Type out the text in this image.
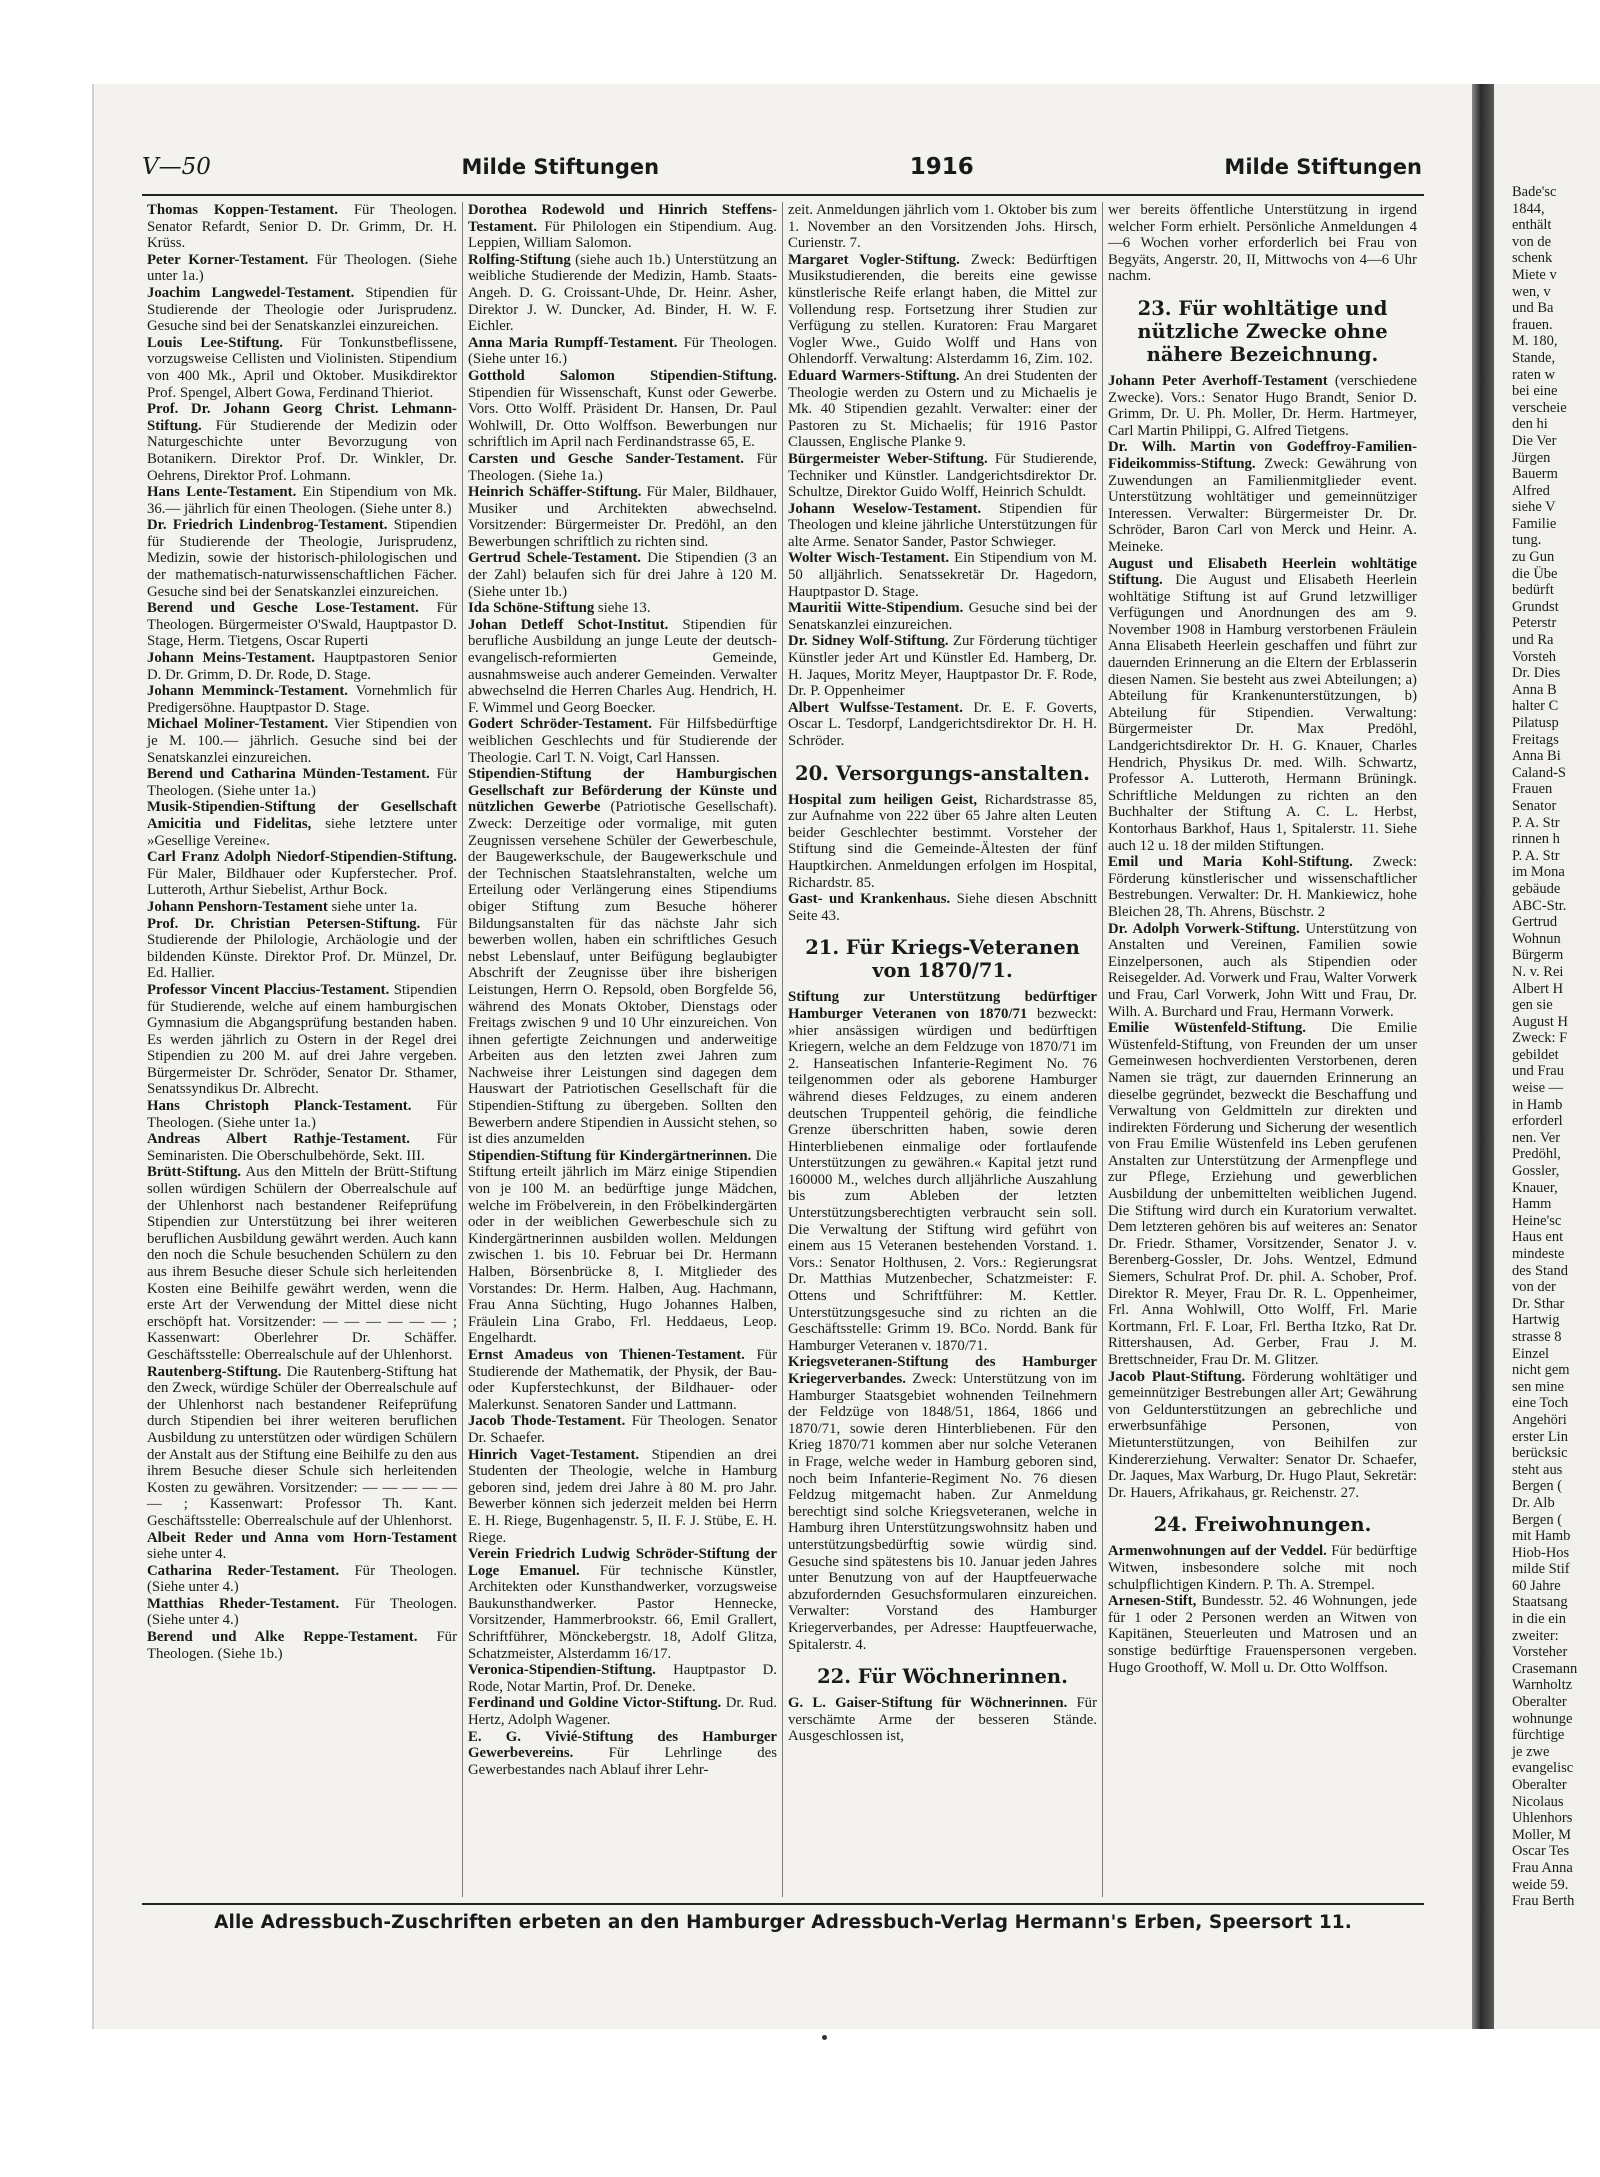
Bade'sc
1844,
enthält
von de
schenk
Miete v
wen, v
und Ba
frauen.
M. 180,
Stande,
raten w
bei eine
verscheie
den hi
Die Ver
Jürgen
Bauerm
Alfred
siehe V
Familie
tung.
zu Gun
die Übe
bedürft
Grundst
Peterstr
und Ra
Vorsteh
Dr. Dies
Anna B
halter C
Pilatusp
Freitags
Anna Bi
Caland-S
Frauen
Senator
P. A. Str
rinnen h
P. A. Str
im Mona
gebäude
ABC-Str.
Gertrud
Wohnun
Bürgerm
N. v. Rei
Albert H
gen sie
August H
Zweck: F
gebildet
und Frau
weise —
in Hamb
erforderl
nen. Ver
Predöhl,
Gossler,
Knauer,
Hamm
Heine'sc
Haus ent
mindeste
des Stand
von der
Dr. Sthar
Hartwig
strasse 8
Einzel
nicht gem
sen mine
eine Toch
Angehöri
erster Lin
berücksic
steht aus
Bergen (
Dr. Alb
Bergen (
mit Hamb
Hiob-Hos
milde Stif
60 Jahre
Staatsang
in die ein
zweiter:
Vorsteher
Crasemann
Warnholtz
Oberalter
wohnunge
fürchtige
je zwe
evangelisc
Oberalter
Nicolaus
Uhlenhors
Moller, M
Oscar Tes
Frau Anna
weide 59.
Frau Berth
V—50	Milde Stiftungen	1916	Milde Stiftungen

Thomas Koppen-Testament. Für Theologen. Senator Refardt, Senior D. Dr. Grimm, Dr. H. Krüss.

Peter Korner-Testament. Für Theologen. (Siehe unter 1a.)

Joachim Langwedel-Testament. Stipendien für Studierende der Theologie oder Jurisprudenz. Gesuche sind bei der Senatskanzlei einzureichen.

Louis Lee-Stiftung. Für Tonkunstbeflissene, vorzugsweise Cellisten und Violinisten. Stipendium von 400 Mk., April und Oktober. Musikdirektor Prof. Spengel, Albert Gowa, Ferdinand Thieriot.

Prof. Dr. Johann Georg Christ. Lehmann-Stiftung. Für Studierende der Medizin oder Naturgeschichte unter Bevorzugung von Botanikern. Direktor Prof. Dr. Winkler, Dr. Oehrens, Direktor Prof. Lohmann.

Hans Lente-Testament. Ein Stipendium von Mk. 36.— jährlich für einen Theologen. (Siehe unter 8.)

Dr. Friedrich Lindenbrog-Testament. Stipendien für Studierende der Theologie, Jurisprudenz, Medizin, sowie der historisch-philologischen und der mathematisch-naturwissenschaftlichen Fächer. Gesuche sind bei der Senatskanzlei einzureichen.

Berend und Gesche Lose-Testament. Für Theologen. Bürgermeister O'Swald, Hauptpastor D. Stage, Herm. Tietgens, Oscar Ruperti

Johann Meins-Testament. Hauptpastoren Senior D. Dr. Grimm, D. Dr. Rode, D. Stage.

Johann Memminck-Testament. Vornehmlich für Predigersöhne. Hauptpastor D. Stage.

Michael Moliner-Testament. Vier Stipendien von je M. 100.— jährlich. Gesuche sind bei der Senatskanzlei einzureichen.

Berend und Catharina Münden-Testament. Für Theologen. (Siehe unter 1a.)

Musik-Stipendien-Stiftung der Gesellschaft Amicitia und Fidelitas, siehe letztere unter »Gesellige Vereine«.

Carl Franz Adolph Niedorf-Stipendien-Stiftung. Für Maler, Bildhauer oder Kupferstecher. Prof. Lutteroth, Arthur Siebelist, Arthur Bock.

Johann Penshorn-Testament siehe unter 1a.

Prof. Dr. Christian Petersen-Stiftung. Für Studierende der Philologie, Archäologie und der bildenden Künste. Direktor Prof. Dr. Münzel, Dr. Ed. Hallier.

Professor Vincent Placcius-Testament. Stipendien für Studierende, welche auf einem hamburgischen Gymnasium die Abgangsprüfung bestanden haben. Es werden jährlich zu Ostern in der Regel drei Stipendien zu 200 M. auf drei Jahre vergeben. Bürgermeister Dr. Schröder, Senator Dr. Sthamer, Senatssyndikus Dr. Albrecht.

Hans Christoph Planck-Testament. Für Theologen. (Siehe unter 1a.)

Andreas Albert Rathje-Testament. Für Seminaristen. Die Oberschulbehörde, Sekt. III.

Brütt-Stiftung. Aus den Mitteln der Brütt-Stiftung sollen würdigen Schülern der Oberrealschule auf der Uhlenhorst nach bestandener Reifeprüfung Stipendien zur Unterstützung bei ihrer weiteren beruflichen Ausbildung gewährt werden. Auch kann den noch die Schule besuchenden Schülern zu den aus ihrem Besuche dieser Schule sich herleitenden Kosten eine Beihilfe gewährt werden, wenn die erste Art der Verwendung der Mittel diese nicht erschöpft hat. Vorsitzender: — — — — — — ; Kassenwart: Oberlehrer Dr. Schäffer. Geschäftsstelle: Oberrealschule auf der Uhlenhorst.

Rautenberg-Stiftung. Die Rautenberg-Stiftung hat den Zweck, würdige Schüler der Oberrealschule auf der Uhlenhorst nach bestandener Reifeprüfung durch Stipendien bei ihrer weiteren beruflichen Ausbildung zu unterstützen oder würdigen Schülern der Anstalt aus der Stiftung eine Beihilfe zu den aus ihrem Besuche dieser Schule sich herleitenden Kosten zu gewähren. Vorsitzender: — — — — — — ; Kassenwart: Professor Th. Kant. Geschäftsstelle: Oberrealschule auf der Uhlenhorst.

Albeit Reder und Anna vom Horn-Testament siehe unter 4.

Catharina Reder-Testament. Für Theologen. (Siehe unter 4.)

Matthias Rheder-Testament. Für Theologen. (Siehe unter 4.)

Berend und Alke Reppe-Testament. Für Theologen. (Siehe 1b.)

Dorothea Rodewold und Hinrich Steffens-Testament. Für Philologen ein Stipendium. Aug. Leppien, William Salomon.

Rolfing-Stiftung (siehe auch 1b.) Unterstützung an weibliche Studierende der Medizin, Hamb. Staats-Angeh. D. G. Croissant-Uhde, Dr. Heinr. Asher, Direktor J. W. Duncker, Ad. Binder, H. W. F. Eichler.

Anna Maria Rumpff-Testament. Für Theologen. (Siehe unter 16.)

Gotthold Salomon Stipendien-Stiftung. Stipendien für Wissenschaft, Kunst oder Gewerbe. Vors. Otto Wolff. Präsident Dr. Hansen, Dr. Paul Wohlwill, Dr. Otto Wolffson. Bewerbungen nur schriftlich im April nach Ferdinandstrasse 65, E.

Carsten und Gesche Sander-Testament. Für Theologen. (Siehe 1a.)

Heinrich Schäffer-Stiftung. Für Maler, Bildhauer, Musiker und Architekten abwechselnd. Vorsitzender: Bürgermeister Dr. Predöhl, an den Bewerbungen schriftlich zu richten sind.

Gertrud Schele-Testament. Die Stipendien (3 an der Zahl) belaufen sich für drei Jahre à 120 M. (Siehe unter 1b.)

Ida Schöne-Stiftung siehe 13.

Johan Detleff Schot-Institut. Stipendien für berufliche Ausbildung an junge Leute der deutsch-evangelisch-reformierten Gemeinde, ausnahmsweise auch anderer Gemeinden. Verwalter abwechselnd die Herren Charles Aug. Hendrich, H. F. Wimmel und Georg Boecker.

Godert Schröder-Testament. Für Hilfsbedürftige weiblichen Geschlechts und für Studierende der Theologie. Carl T. N. Voigt, Carl Hanssen.

Stipendien-Stiftung der Hamburgischen Gesellschaft zur Beförderung der Künste und nützlichen Gewerbe (Patriotische Gesellschaft). Zweck: Derzeitige oder vormalige, mit guten Zeugnissen versehene Schüler der Gewerbeschule, der Baugewerkschule, der Baugewerkschule und der Technischen Staatslehranstalten, welche um Erteilung oder Verlängerung eines Stipendiums obiger Stiftung zum Besuche höherer Bildungsanstalten für das nächste Jahr sich bewerben wollen, haben ein schriftliches Gesuch nebst Lebenslauf, unter Beifügung beglaubigter Abschrift der Zeugnisse über ihre bisherigen Leistungen, Herrn O. Repsold, oben Borgfelde 56, während des Monats Oktober, Dienstags oder Freitags zwischen 9 und 10 Uhr einzureichen. Von ihnen gefertigte Zeichnungen und anderweitige Arbeiten aus den letzten zwei Jahren zum Nachweise ihrer Leistungen sind dagegen dem Hauswart der Patriotischen Gesellschaft für die Stipendien-Stiftung zu übergeben. Sollten den Bewerbern andere Stipendien in Aussicht stehen, so ist dies anzumelden

Stipendien-Stiftung für Kindergärtnerinnen. Die Stiftung erteilt jährlich im März einige Stipendien von je 100 M. an bedürftige junge Mädchen, welche im Fröbelverein, in den Fröbelkindergärten oder in der weiblichen Gewerbeschule sich zu Kindergärtnerinnen ausbilden wollen. Meldungen zwischen 1. bis 10. Februar bei Dr. Hermann Halben, Börsenbrücke 8, I. Mitglieder des Vorstandes: Dr. Herm. Halben, Aug. Hachmann, Frau Anna Süchting, Hugo Johannes Halben, Fräulein Lina Grabo, Frl. Heddaeus, Leop. Engelhardt.

Ernst Amadeus von Thienen-Testament. Für Studierende der Mathematik, der Physik, der Bau- oder Kupferstechkunst, der Bildhauer- oder Malerkunst. Senatoren Sander und Lattmann.

Jacob Thode-Testament. Für Theologen. Senator Dr. Schaefer.

Hinrich Vaget-Testament. Stipendien an drei Studenten der Theologie, welche in Hamburg geboren sind, jedem drei Jahre à 80 M. pro Jahr. Bewerber können sich jederzeit melden bei Herrn E. H. Riege, Bugenhagenstr. 5, II. F. J. Stübe, E. H. Riege.

Verein Friedrich Ludwig Schröder-Stiftung der Loge Emanuel. Für technische Künstler, Architekten oder Kunsthandwerker, vorzugsweise Baukunsthandwerker. Pastor Hennecke, Vorsitzender, Hammerbrookstr. 66, Emil Grallert, Schriftführer, Mönckebergstr. 18, Adolf Glitza, Schatzmeister, Alsterdamm 16/17.

Veronica-Stipendien-Stiftung. Hauptpastor D. Rode, Notar Martin, Prof. Dr. Deneke.

Ferdinand und Goldine Victor-Stiftung. Dr. Rud. Hertz, Adolph Wagener.

E. G. Vivié-Stiftung des Hamburger Gewerbevereins. Für Lehrlinge des Gewerbestandes nach Ablauf ihrer Lehr-

zeit. Anmeldungen jährlich vom 1. Oktober bis zum 1. November an den Vorsitzenden Johs. Hirsch, Curienstr. 7.

Margaret Vogler-Stiftung. Zweck: Bedürftigen Musikstudierenden, die bereits eine gewisse künstlerische Reife erlangt haben, die Mittel zur Vollendung resp. Fortsetzung ihrer Studien zur Verfügung zu stellen. Kuratoren: Frau Margaret Vogler Wwe., Guido Wolff und Hans von Ohlendorff. Verwaltung: Alsterdamm 16, Zim. 102.

Eduard Warmers-Stiftung. An drei Studenten der Theologie werden zu Ostern und zu Michaelis je Mk. 40 Stipendien gezahlt. Verwalter: einer der Pastoren zu St. Michaelis; für 1916 Pastor Claussen, Englische Planke 9.

Bürgermeister Weber-Stiftung. Für Studierende, Techniker und Künstler. Landgerichtsdirektor Dr. Schultze, Direktor Guido Wolff, Heinrich Schuldt.

Johann Weselow-Testament. Stipendien für Theologen und kleine jährliche Unterstützungen für alte Arme. Senator Sander, Pastor Schwieger.

Wolter Wisch-Testament. Ein Stipendium von M. 50 alljährlich. Senatssekretär Dr. Hagedorn, Hauptpastor D. Stage.

Mauritii Witte-Stipendium. Gesuche sind bei der Senatskanzlei einzureichen.

Dr. Sidney Wolf-Stiftung. Zur Förderung tüchtiger Künstler jeder Art und Künstler Ed. Hamberg, Dr. H. Jaques, Moritz Meyer, Hauptpastor Dr. F. Rode, Dr. P. Oppenheimer

Albert Wulfsse-Testament. Dr. E. F. Goverts, Oscar L. Tesdorpf, Landgerichtsdirektor Dr. H. H. Schröder.

20. Versorgungs-anstalten.

Hospital zum heiligen Geist, Richardstrasse 85, zur Aufnahme von 222 über 65 Jahre alten Leuten beider Geschlechter bestimmt. Vorsteher der Stiftung sind die Gemeinde-Ältesten der fünf Hauptkirchen. Anmeldungen erfolgen im Hospital, Richardstr. 85.

Gast- und Krankenhaus. Siehe diesen Abschnitt Seite 43.

21. Für Kriegs-Veteranen von 1870/71.

Stiftung zur Unterstützung bedürftiger Hamburger Veteranen von 1870/71 bezweckt: »hier ansässigen würdigen und bedürftigen Kriegern, welche an dem Feldzuge von 1870/71 im 2. Hanseatischen Infanterie-Regiment No. 76 teilgenommen oder als geborene Hamburger während dieses Feldzuges, zu einem anderen deutschen Truppenteil gehörig, die feindliche Grenze überschritten haben, sowie deren Hinterbliebenen einmalige oder fortlaufende Unterstützungen zu gewähren.« Kapital jetzt rund 160000 M., welches durch alljährliche Auszahlung bis zum Ableben der letzten Unterstützungsberechtigten verbraucht sein soll. Die Verwaltung der Stiftung wird geführt von einem aus 15 Veteranen bestehenden Vorstand. 1. Vors.: Senator Holthusen, 2. Vors.: Regierungsrat Dr. Matthias Mutzenbecher, Schatzmeister: F. Ottens und Schriftführer: M. Kettler. Unterstützungsgesuche sind zu richten an die Geschäftsstelle: Grimm 19. BCo. Nordd. Bank für Hamburger Veteranen v. 1870/71.

Kriegsveteranen-Stiftung des Hamburger Kriegerverbandes. Zweck: Unterstützung von im Hamburger Staatsgebiet wohnenden Teilnehmern der Feldzüge von 1848/51, 1864, 1866 und 1870/71, sowie deren Hinterbliebenen. Für den Krieg 1870/71 kommen aber nur solche Veteranen in Frage, welche weder in Hamburg geboren sind, noch beim Infanterie-Regiment No. 76 diesen Feldzug mitgemacht haben. Zur Anmeldung berechtigt sind solche Kriegsveteranen, welche in Hamburg ihren Unterstützungswohnsitz haben und unterstützungsbedürftig sowie würdig sind. Gesuche sind spätestens bis 10. Januar jeden Jahres unter Benutzung von auf der Hauptfeuerwache abzufordernden Gesuchsformularen einzureichen. Verwalter: Vorstand des Hamburger Kriegerverbandes, per Adresse: Hauptfeuerwache, Spitalerstr. 4.

22. Für Wöchnerinnen.

G. L. Gaiser-Stiftung für Wöchnerinnen. Für verschämte Arme der besseren Stände. Ausgeschlossen ist,

wer bereits öffentliche Unterstützung in irgend welcher Form erhielt. Persönliche Anmeldungen 4—6 Wochen vorher erforderlich bei Frau von Begyäts, Angerstr. 20, II, Mittwochs von 4—6 Uhr nachm.

23. Für wohltätige und nützliche Zwecke ohne nähere Bezeichnung.

Johann Peter Averhoff-Testament (verschiedene Zwecke). Vors.: Senator Hugo Brandt, Senior D. Grimm, Dr. U. Ph. Moller, Dr. Herm. Hartmeyer, Carl Martin Philippi, G. Alfred Tietgens.

Dr. Wilh. Martin von Godeffroy-Familien-Fideikommiss-Stiftung. Zweck: Gewährung von Zuwendungen an Familienmitglieder event. Unterstützung wohltätiger und gemeinnütziger Interessen. Verwalter: Bürgermeister Dr. Dr. Schröder, Baron Carl von Merck und Heinr. A. Meineke.

August und Elisabeth Heerlein wohltätige Stiftung. Die August und Elisabeth Heerlein wohltätige Stiftung ist auf Grund letzwilliger Verfügungen und Anordnungen des am 9. November 1908 in Hamburg verstorbenen Fräulein Anna Elisabeth Heerlein geschaffen und führt zur dauernden Erinnerung an die Eltern der Erblasserin diesen Namen. Sie besteht aus zwei Abteilungen; a) Abteilung für Krankenunterstützungen, b) Abteilung für Stipendien. Verwaltung: Bürgermeister Dr. Max Predöhl, Landgerichtsdirektor Dr. H. G. Knauer, Charles Hendrich, Physikus Dr. med. Wilh. Schwartz, Professor A. Lutteroth, Hermann Brüningk. Schriftliche Meldungen zu richten an den Buchhalter der Stiftung A. C. L. Herbst, Kontorhaus Barkhof, Haus 1, Spitalerstr. 11. Siehe auch 12 u. 18 der milden Stiftungen.

Emil und Maria Kohl-Stiftung. Zweck: Förderung künstlerischer und wissenschaftlicher Bestrebungen. Verwalter: Dr. H. Mankiewicz, hohe Bleichen 28, Th. Ahrens, Büschstr. 2

Dr. Adolph Vorwerk-Stiftung. Unterstützung von Anstalten und Vereinen, Familien sowie Einzelpersonen, auch als Stipendien oder Reisegelder. Ad. Vorwerk und Frau, Walter Vorwerk und Frau, Carl Vorwerk, John Witt und Frau, Dr. Wilh. A. Burchard und Frau, Hermann Vorwerk.

Emilie Wüstenfeld-Stiftung. Die Emilie Wüstenfeld-Stiftung, von Freunden der um unser Gemeinwesen hochverdienten Verstorbenen, deren Namen sie trägt, zur dauernden Erinnerung an dieselbe gegründet, bezweckt die Beschaffung und Verwaltung von Geldmitteln zur direkten und indirekten Förderung und Sicherung der wesentlich von Frau Emilie Wüstenfeld ins Leben gerufenen Anstalten zur Unterstützung der Armenpflege und zur Pflege, Erziehung und gewerblichen Ausbildung der unbemittelten weiblichen Jugend. Die Stiftung wird durch ein Kuratorium verwaltet. Dem letzteren gehören bis auf weiteres an: Senator Dr. Friedr. Sthamer, Vorsitzender, Senator J. v. Berenberg-Gossler, Dr. Johs. Wentzel, Edmund Siemers, Schulrat Prof. Dr. phil. A. Schober, Prof. Direktor R. Meyer, Frau Dr. R. L. Oppenheimer, Frl. Anna Wohlwill, Otto Wolff, Frl. Marie Kortmann, Frl. F. Loar, Frl. Bertha Itzko, Rat Dr. Rittershausen, Ad. Gerber, Frau J. M. Brettschneider, Frau Dr. M. Glitzer.

Jacob Plaut-Stiftung. Förderung wohltätiger und gemeinnütziger Bestrebungen aller Art; Gewährung von Geldunterstützungen an gebrechliche und erwerbsunfähige Personen, von Mietunterstützungen, von Beihilfen zur Kindererziehung. Verwalter: Senator Dr. Schaefer, Dr. Jaques, Max Warburg, Dr. Hugo Plaut, Sekretär: Dr. Hauers, Afrikahaus, gr. Reichenstr. 27.

24. Freiwohnungen.

Armenwohnungen auf der Veddel. Für bedürftige Witwen, insbesondere solche mit noch schulpflichtigen Kindern. P. Th. A. Strempel.

Arnesen-Stift, Bundesstr. 52. 46 Wohnungen, jede für 1 oder 2 Personen werden an Witwen von Kapitänen, Steuerleuten und Matrosen und an sonstige bedürftige Frauenspersonen vergeben. Hugo Groothoff, W. Moll u. Dr. Otto Wolffson.

Alle Adressbuch-Zuschriften erbeten an den Hamburger Adressbuch-Verlag Hermann's Erben, Speersort 11.
